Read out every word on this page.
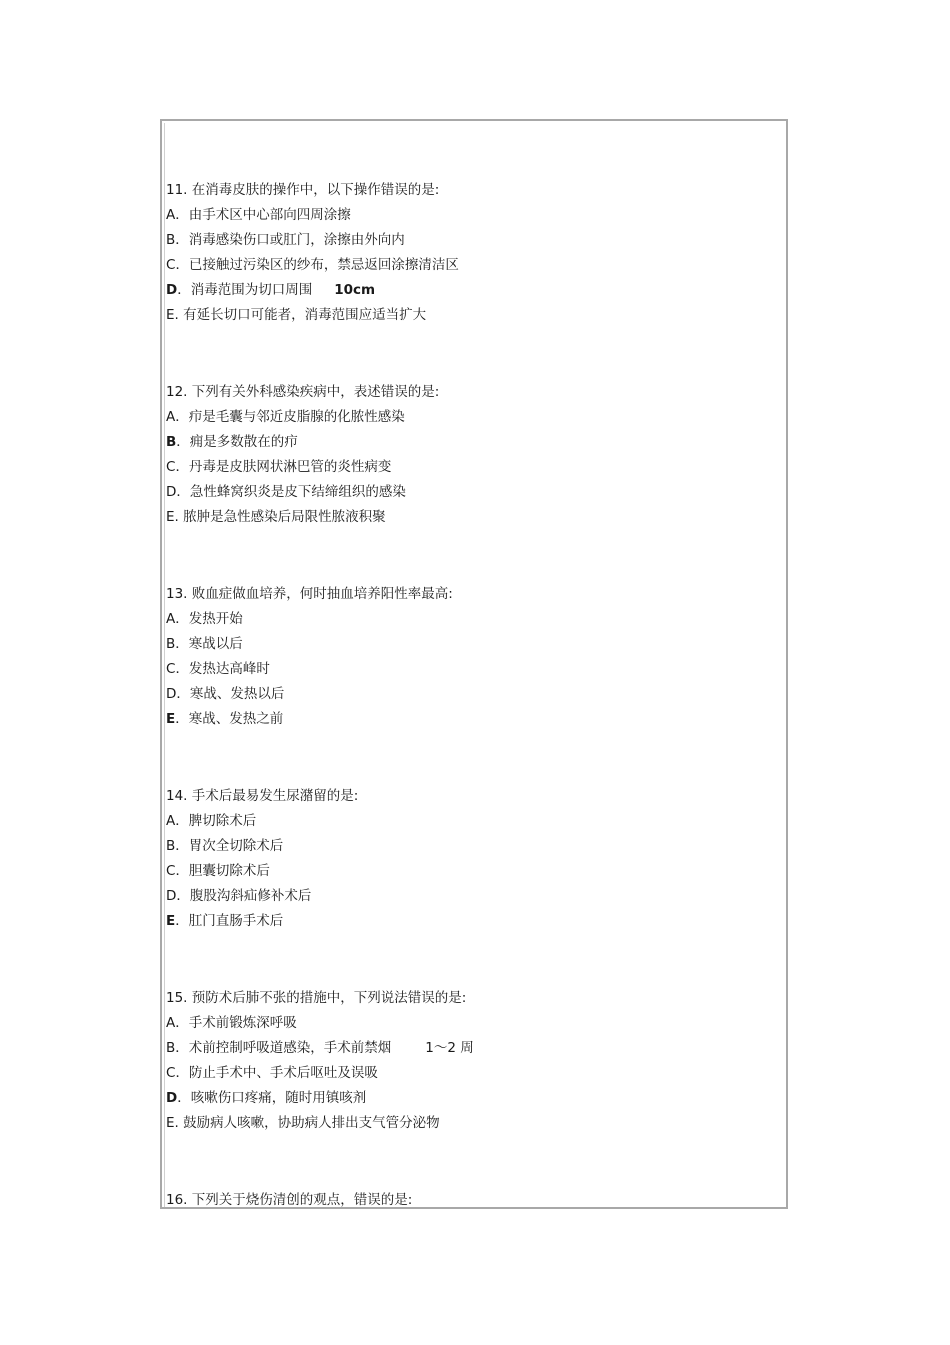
11. 在消毒皮肤的操作中，以下操作错误的是:
A．由手术区中心部向四周涂擦
B．消毒感染伤口或肛门，涂擦由外向内
C．已接触过污染区的纱布，禁忌返回涂擦清洁区
D．消毒范围为切口周围 10cm
E. 有延长切口可能者，消毒范围应适当扩大
12. 下列有关外科感染疾病中，表述错误的是:
A．疖是毛囊与邻近皮脂腺的化脓性感染
B．痈是多数散在的疖
C．丹毒是皮肤网状淋巴管的炎性病变
D．急性蜂窝织炎是皮下结缔组织的感染
E. 脓肿是急性感染后局限性脓液积聚
13. 败血症做血培养，何时抽血培养阳性率最高:
A．发热开始
B．寒战以后
C．发热达高峰时
D．寒战、发热以后
E．寒战、发热之前
14. 手术后最易发生尿潴留的是:
A．脾切除术后
B．胃次全切除术后
C．胆囊切除术后
D．腹股沟斜疝修补术后
E．肛门直肠手术后
15. 预防术后肺不张的措施中，下列说法错误的是:
A．手术前锻炼深呼吸
B．术前控制呼吸道感染，手术前禁烟	1～2 周
C．防止手术中、手术后呕吐及误吸
D．咳嗽伤口疼痛，随时用镇咳剂
E. 鼓励病人咳嗽，协助病人排出支气管分泌物
16. 下列关于烧伤清创的观点，错误的是:
